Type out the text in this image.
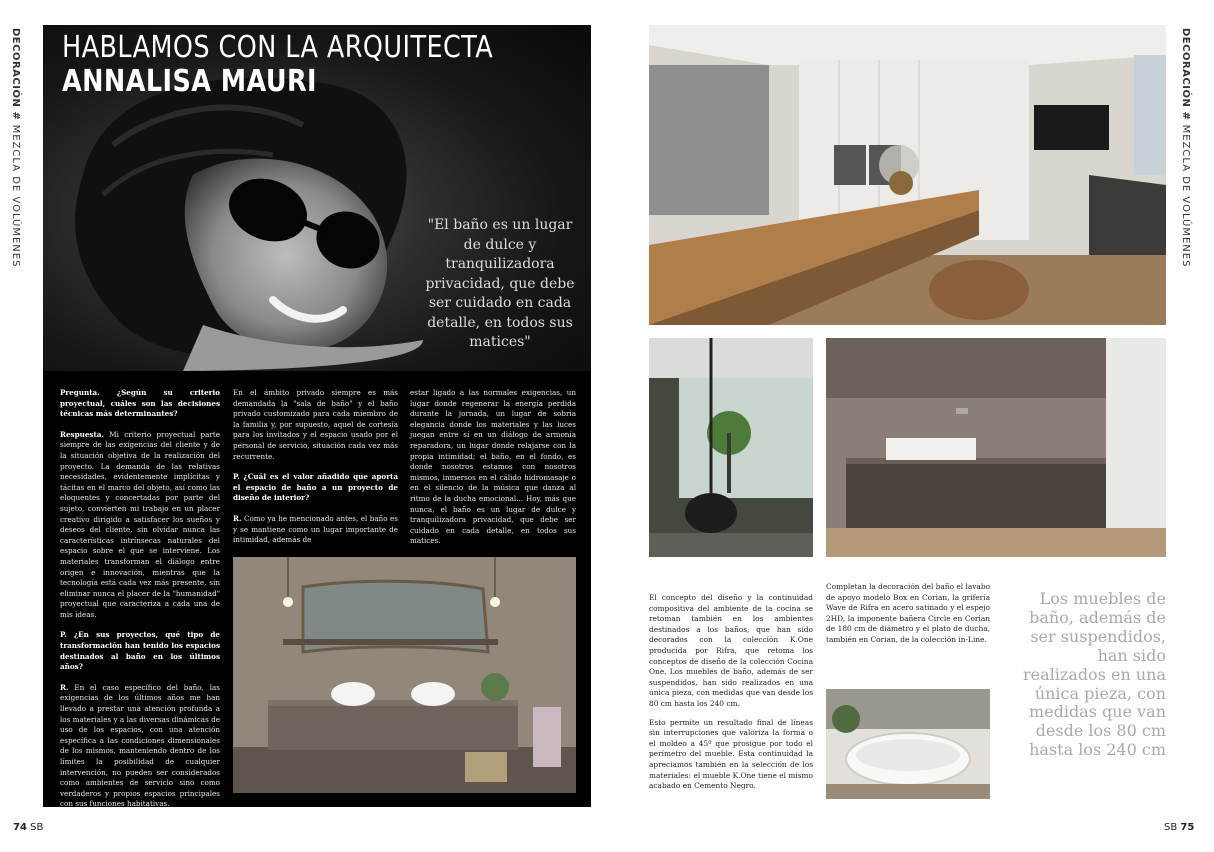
DECORACIÓN # MEZCLA DE VOLÚMENES
HABLAMOS CON LA ARQUITECTA
ANNALISA MAURI
"El baño es un lugar de dulce y tranquilizadora privacidad, que debe ser cuidado en cada detalle, en todos sus matices"

Pregunta. ¿Según su criterio proyectual, cuáles son las decisiones técnicas más determinantes?

Respuesta. Mi criterio proyectual parte siempre de las exigencias del cliente y de la situación objetiva de la realización del proyecto. La demanda de las relativas necesidades, evidentemente implícitas y tácitas en el marco del objeto, así como las eloquentes y concertadas por parte del sujeto, convierten mi trabajo en un placer creativo dirigido a satisfacer los sueños y deseos del cliente, sin olvidar nunca las características intrínsecas naturales del espacio sobre el que se interviene. Los materiales transforman el diálogo entre origen e innovación, mientras que la tecnología está cada vez más presente, sin eliminar nunca el placer de la "humanidad" proyectual que caracteriza a cada una de mis ideas.

P. ¿En sus proyectos, qué tipo de transformación han tenido los espacios destinados al baño en los últimos años?

R. En el caso específico del baño, las exigencias de los últimos años me han llevado a prestar una atención profunda a los materiales y a las diversas dinámicas de uso de los espacios, con una atención específica a las condiciones dimensionales de los mismos, manteniendo dentro de los límites la posibilidad de cualquier intervención, no pueden ser considerados como ambientes de servicio sino como verdaderos y propios espacios principales con sus funciones habitativas.

En el ámbito privado siempre es más demandada la "sala de baño" y el baño privado customizado para cada miembro de la familia y, por supuesto, aquel de cortesía para los invitados y el espacio usado por el personal de servicio, situación cada vez más recurrente.

P. ¿Cuál es el valor añadido que aporta el espacio de baño a un proyecto de diseño de interior?

R. Como ya he mencionado antes, el baño es y se mantiene como un lugar importante de intimidad, además de

estar ligado a las normales exigencias, un lugar donde regenerar la energía perdida durante la jornada, un lugar de sobria elegancia donde los materiales y las luces juegan entre sí en un diálogo de armonía reparadora, un lugar donde relajarse con la propia intimidad; el baño, en el fondo, es donde nosotros estamos con nosotros mismos, inmersos en el cálido hidromasaje o en el silencio de la música que danza al ritmo de la ducha emocional... Hoy, más que nunca, el baño es un lugar de dulce y tranquilizadora privacidad, que debe ser cuidado en cada detalle, en todos sus matices.

74 SB
DECORACIÓN # MEZCLA DE VOLÚMENES

El concepto del diseño y la continuidad compositiva del ambiente de la cocina se retoman también en los ambientes destinados a los baños, que han sido decorados con la colección K.One producida por Rifra, que retoma los conceptos de diseño de la colección Cocina One. Los muebles de baño, además de ser suspendidos, han sido realizados en una única pieza, con medidas que van desde los 80 cm hasta los 240 cm.

Esto permite un resultado final de líneas sin interrupciones que valoriza la forma o el moldeo a 45º que prosigue por todo el perímetro del mueble. Esta continuidad la apreciamos también en la selección de los materiales: el mueble K.One tiene el mismo acabado en Cemento Negro.

Completan la decoración del baño el lavabo de apoyo modelo Box en Corian, la grifería Wave de Rifra en acero satinado y el espejo 2HD, la imponente bañera Circle en Corian de 180 cm de diámetro y el plato de ducha, también en Corian, de la colección in-Line.

Los muebles de baño, además de ser suspendidos, han sido realizados en una única pieza, con medidas que van desde los 80 cm hasta los 240 cm
SB 75
